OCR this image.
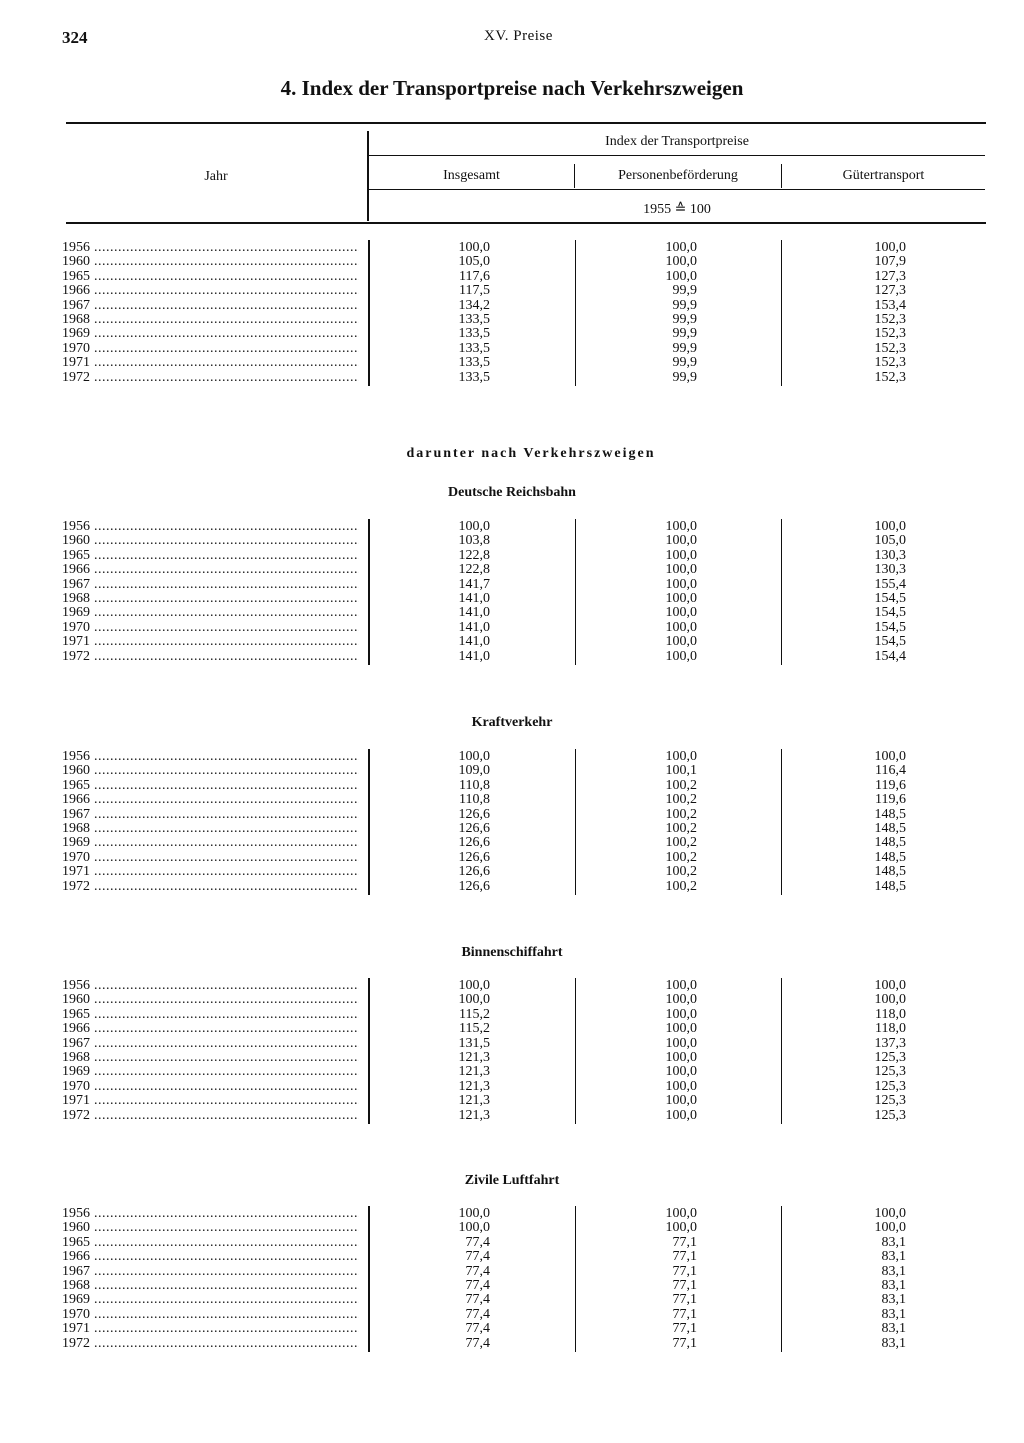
324	XV. Preise
4. Index der Transportpreise nach Verkehrszweigen
Jahr
Index der Transportpreise
Insgesamt	Personenbeförderung	Gütertransport
1955 ≙ 100
darunter nach Verkehrszweigen
1956 .....	100,0	100,0	100,0
1960 .....	105,0	100,0	107,9
1965 .....	117,6	100,0	127,3
1966 .....	117,5	99,9	127,3
1967 .....	134,2	99,9	153,4
1968 .....	133,5	99,9	152,3
1969 .....	133,5	99,9	152,3
1970 .....	133,5	99,9	152,3
1971 .....	133,5	99,9	152,3
1972 .....	133,5	99,9	152,3
Deutsche Reichsbahn
1956 .....	100,0	100,0	100,0
1960 .....	103,8	100,0	105,0
1965 .....	122,8	100,0	130,3
1966 .....	122,8	100,0	130,3
1967 .....	141,7	100,0	155,4
1968 .....	141,0	100,0	154,5
1969 .....	141,0	100,0	154,5
1970 .....	141,0	100,0	154,5
1971 .....	141,0	100,0	154,5
1972 .....	141,0	100,0	154,4
Kraftverkehr
1956 .....	100,0	100,0	100,0
1960 .....	109,0	100,1	116,4
1965 .....	110,8	100,2	119,6
1966 .....	110,8	100,2	119,6
1967 .....	126,6	100,2	148,5
1968 .....	126,6	100,2	148,5
1969 .....	126,6	100,2	148,5
1970 .....	126,6	100,2	148,5
1971 .....	126,6	100,2	148,5
1972 .....	126,6	100,2	148,5
Binnenschiffahrt
1956 .....	100,0	100,0	100,0
1960 .....	100,0	100,0	100,0
1965 .....	115,2	100,0	118,0
1966 .....	115,2	100,0	118,0
1967 .....	131,5	100,0	137,3
1968 .....	121,3	100,0	125,3
1969 .....	121,3	100,0	125,3
1970 .....	121,3	100,0	125,3
1971 .....	121,3	100,0	125,3
1972 .....	121,3	100,0	125,3
Zivile Luftfahrt
1956 .....	100,0	100,0	100,0
1960 .....	100,0	100,0	100,0
1965 .....	77,4	77,1	83,1
1966 .....	77,4	77,1	83,1
1967 .....	77,4	77,1	83,1
1968 .....	77,4	77,1	83,1
1969 .....	77,4	77,1	83,1
1970 .....	77,4	77,1	83,1
1971 .....	77,4	77,1	83,1
1972 .....	77,4	77,1	83,1
